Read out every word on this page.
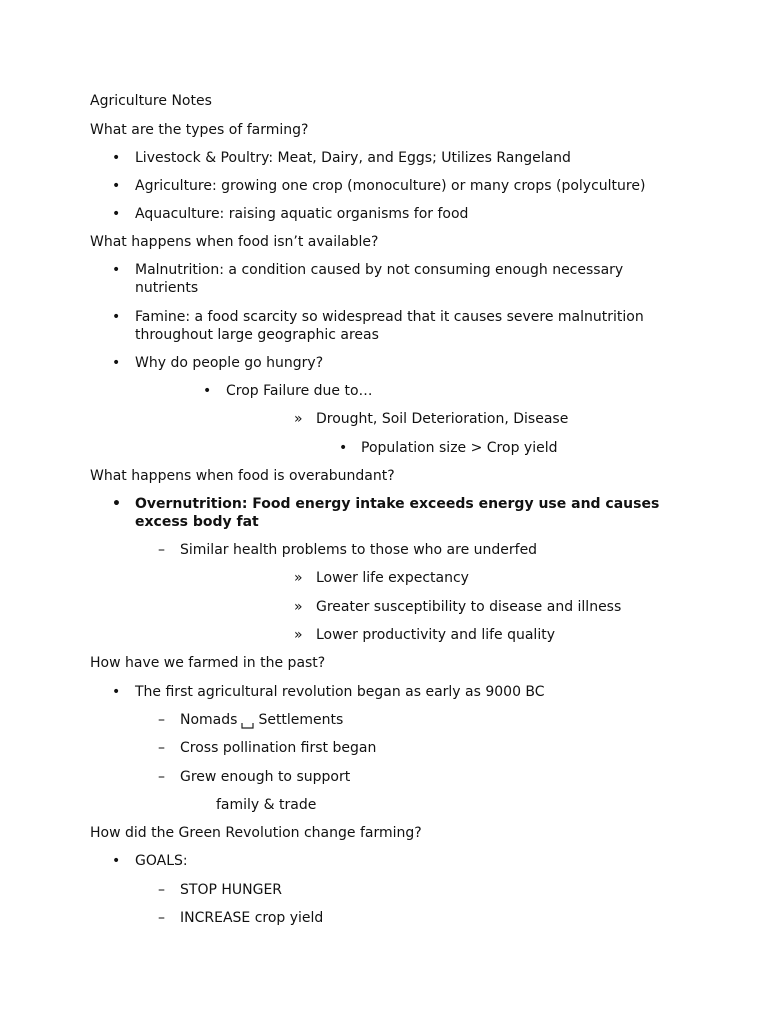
Agriculture Notes
What are the types of farming?
• Livestock & Poultry: Meat, Dairy, and Eggs; Utilizes Rangeland
• Agriculture: growing one crop (monoculture) or many crops (polyculture)
• Aquaculture: raising aquatic organisms for food
What happens when food isn’t available?
• Malnutrition: a condition caused by not consuming enough necessary nutrients
• Famine: a food scarcity so widespread that it causes severe malnutrition throughout large geographic areas
• Why do people go hungry?
• Crop Failure due to…
» Drought, Soil Deterioration, Disease
• Population size > Crop yield
What happens when food is overabundant?
• Overnutrition: Food energy intake exceeds energy use and causes excess body fat
– Similar health problems to those who are underfed
» Lower life expectancy
» Greater susceptibility to disease and illness
» Lower productivity and life quality
How have we farmed in the past?
• The first agricultural revolution began as early as 9000 BC
– Nomads Settlements
– Cross pollination first began
– Grew enough to support
family & trade
How did the Green Revolution change farming?
• GOALS:
– STOP HUNGER
– INCREASE crop yield
